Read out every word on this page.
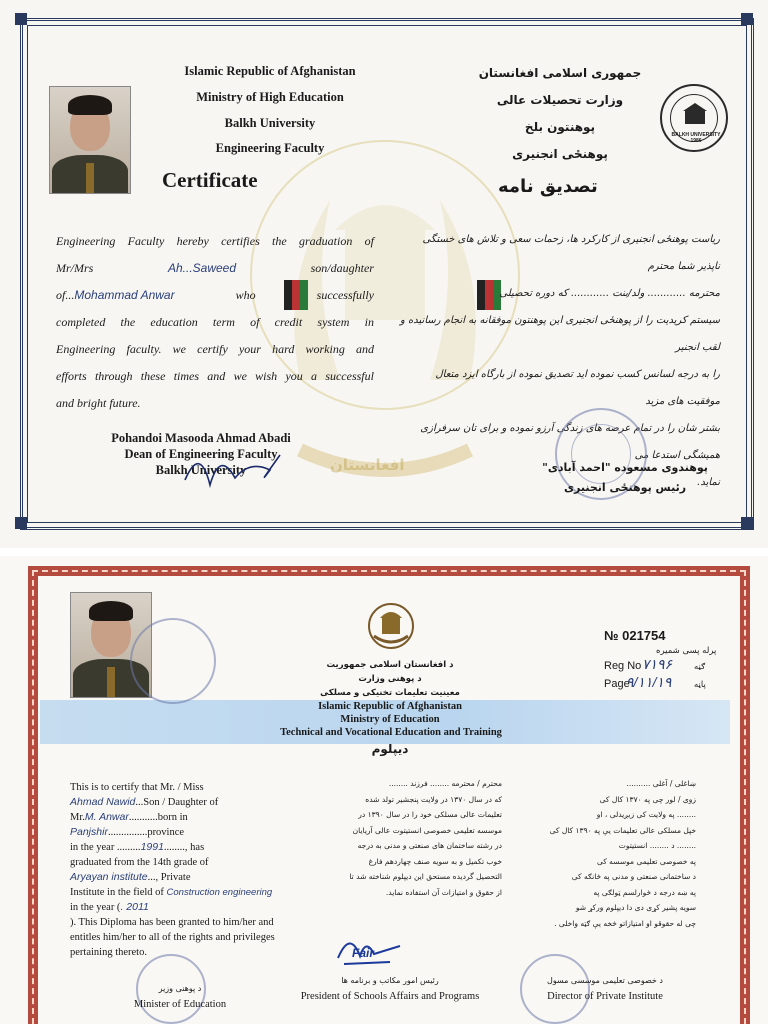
افغانستان
Islamic Republic of Afghanistan
Ministry of High Education
Balkh University
Engineering Faculty
Certificate
جمهوری اسلامی افغانستان
وزارت تحصیلات عالی
پوهنتون بلخ
پوهنځی انجنیری
تصدیق نامه
BALKH UNIVERSITY 1986
Engineering Faculty hereby certifies the graduation of
Mr/Mrs	Ah...Saweed	son/daughter
of...Mohammad Anwar	who	successfully
completed the education term of credit system in
Engineering faculty. we certify your hard working and
efforts through these times and we wish you a successful
and bright future.
ریاست پوهنځی انجنیری از کارکرد ها، زحمات سعی و تلاش های خستگی ناپذیر شما محترم
محترمه ............ ولد/بنت ............ که دوره تحصیلی
سیستم کریدیت را از پوهنځی انجنیری این پوهنتون موفقانه به انجام رسانیده و لقب انجنیر
را به درجه لسانس کسب نموده اید تصدیق نموده از بارگاه ایزد متعال موفقیت های مزید
بشتر شان را در تمام عرصه های زندگی آرزو نموده و برای تان سرفرازی همیشگی استدعا می
نماید.
Pohandoi Masooda Ahmad Abadi
Dean of Engineering Faculty
Balkh University	پوهندوی مسعوده "احمد آبادی"
رئیس پوهنځی انجنیری
№ 021754
پرله پسی شمیره
Reg No ۷۱۹۶	ګڼه
Page
۹/۱۱/۱۹	پاڼه
د افغانستان اسلامی جمهوریت
د پوهنی وزارت
معینیت تعلیمات تخنیکی و مسلکی
Islamic Republic of Afghanistan
Ministry of Education
Technical and Vocational Education and Training
دیپلوم
This is to certify that Mr. / Miss
Ahmad Nawid...Son / Daughter of
Mr.M. Anwar...........born in
Panjshir...............province
in the year .........1991........, has
graduated from the 14th grade of
Aryayan institute..., Private
Institute in the field of Construction engineering
in the year (. 2011
). This Diploma has been granted to him/her and entitles him/her to all of the rights and privileges pertaining thereto.
محترم / محترمه ........ فرزند ........
که در سال ۱۳۷۰ در ولایت پنجشیر تولد شده
تعلیمات عالی مسلکی خود را در سال ۱۳۹۰ در
موسسه تعلیمی خصوصی انستیتوت عالی آریایان
در رشته ساختمان های صنعتی و مدنی به درجه
خوب تکمیل و به سویه صنف چهاردهم فارغ
التحصیل گردیده مستحق این دیپلوم شناخته شد تا
از حقوق و امتیازات آن استفاده نماید.
ښاغلی / آغلی ..........
زوی / لور چی په ۱۳۷۰ کال کی
........ په ولایت کی زیږیدلی ، او
خپل مسلکی عالی تعلیمات یې په ۱۳۹۰ کال کی
........ د ........ انستیتوت
په خصوصی تعلیمی موسسه کی
د ساختمانی صنعتی و مدنی په څانګه کی
په ښه درجه د څوارلسم ټولګی په
سویه پشیر کړی دی دا دیپلوم ورکړ شو
چی له حقوقو او امتیازاتو څخه یې ګټه واخلی .
Fair
د پوهنی وزیر
Minister of Education
رئیس امور مکاتب و برنامه ها
President of Schools Affairs and Programs
د خصوصی تعلیمی موسسی مسول
Director of Private Institute
